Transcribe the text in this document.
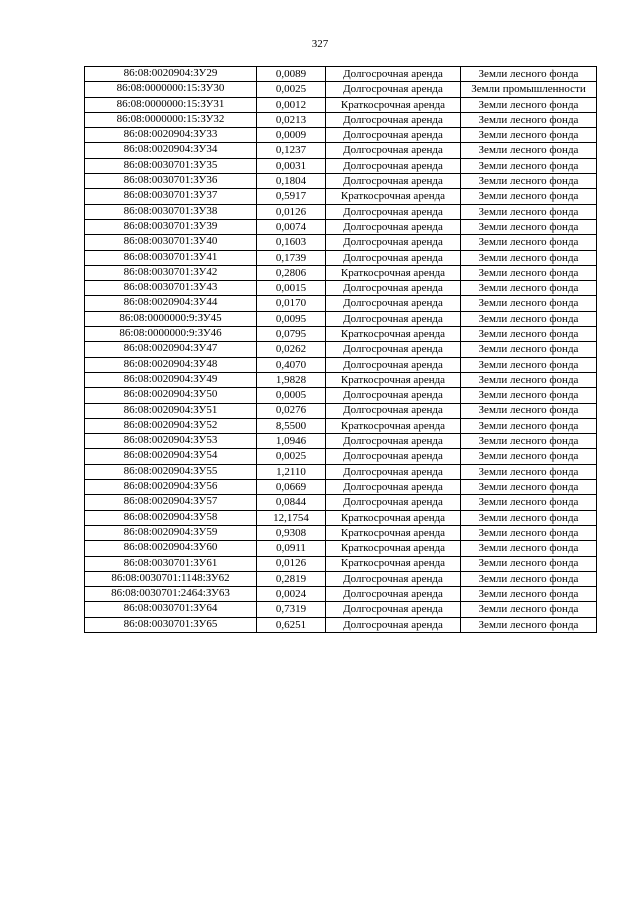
327
86:08:0020904:ЗУ29	0,0089	Долгосрочная аренда	Земли лесного фонда
86:08:0000000:15:ЗУ30	0,0025	Долгосрочная аренда	Земли промышленности
86:08:0000000:15:ЗУ31	0,0012	Краткосрочная аренда	Земли лесного фонда
86:08:0000000:15:ЗУ32	0,0213	Долгосрочная аренда	Земли лесного фонда
86:08:0020904:ЗУ33	0,0009	Долгосрочная аренда	Земли лесного фонда
86:08:0020904:ЗУ34	0,1237	Долгосрочная аренда	Земли лесного фонда
86:08:0030701:ЗУ35	0,0031	Долгосрочная аренда	Земли лесного фонда
86:08:0030701:ЗУ36	0,1804	Долгосрочная аренда	Земли лесного фонда
86:08:0030701:ЗУ37	0,5917	Краткосрочная аренда	Земли лесного фонда
86:08:0030701:ЗУ38	0,0126	Долгосрочная аренда	Земли лесного фонда
86:08:0030701:ЗУ39	0,0074	Долгосрочная аренда	Земли лесного фонда
86:08:0030701:ЗУ40	0,1603	Долгосрочная аренда	Земли лесного фонда
86:08:0030701:ЗУ41	0,1739	Долгосрочная аренда	Земли лесного фонда
86:08:0030701:ЗУ42	0,2806	Краткосрочная аренда	Земли лесного фонда
86:08:0030701:ЗУ43	0,0015	Долгосрочная аренда	Земли лесного фонда
86:08:0020904:ЗУ44	0,0170	Долгосрочная аренда	Земли лесного фонда
86:08:0000000:9:ЗУ45	0,0095	Долгосрочная аренда	Земли лесного фонда
86:08:0000000:9:ЗУ46	0,0795	Краткосрочная аренда	Земли лесного фонда
86:08:0020904:ЗУ47	0,0262	Долгосрочная аренда	Земли лесного фонда
86:08:0020904:ЗУ48	0,4070	Долгосрочная аренда	Земли лесного фонда
86:08:0020904:ЗУ49	1,9828	Краткосрочная аренда	Земли лесного фонда
86:08:0020904:ЗУ50	0,0005	Долгосрочная аренда	Земли лесного фонда
86:08:0020904:ЗУ51	0,0276	Долгосрочная аренда	Земли лесного фонда
86:08:0020904:ЗУ52	8,5500	Краткосрочная аренда	Земли лесного фонда
86:08:0020904:ЗУ53	1,0946	Долгосрочная аренда	Земли лесного фонда
86:08:0020904:ЗУ54	0,0025	Долгосрочная аренда	Земли лесного фонда
86:08:0020904:ЗУ55	1,2110	Долгосрочная аренда	Земли лесного фонда
86:08:0020904:ЗУ56	0,0669	Долгосрочная аренда	Земли лесного фонда
86:08:0020904:ЗУ57	0,0844	Долгосрочная аренда	Земли лесного фонда
86:08:0020904:ЗУ58	12,1754	Краткосрочная аренда	Земли лесного фонда
86:08:0020904:ЗУ59	0,9308	Краткосрочная аренда	Земли лесного фонда
86:08:0020904:ЗУ60	0,0911	Краткосрочная аренда	Земли лесного фонда
86:08:0030701:ЗУ61	0,0126	Краткосрочная аренда	Земли лесного фонда
86:08:0030701:1148:ЗУ62	0,2819	Долгосрочная аренда	Земли лесного фонда
86:08:0030701:2464:ЗУ63	0,0024	Долгосрочная аренда	Земли лесного фонда
86:08:0030701:ЗУ64	0,7319	Долгосрочная аренда	Земли лесного фонда
86:08:0030701:ЗУ65	0,6251	Долгосрочная аренда	Земли лесного фонда
